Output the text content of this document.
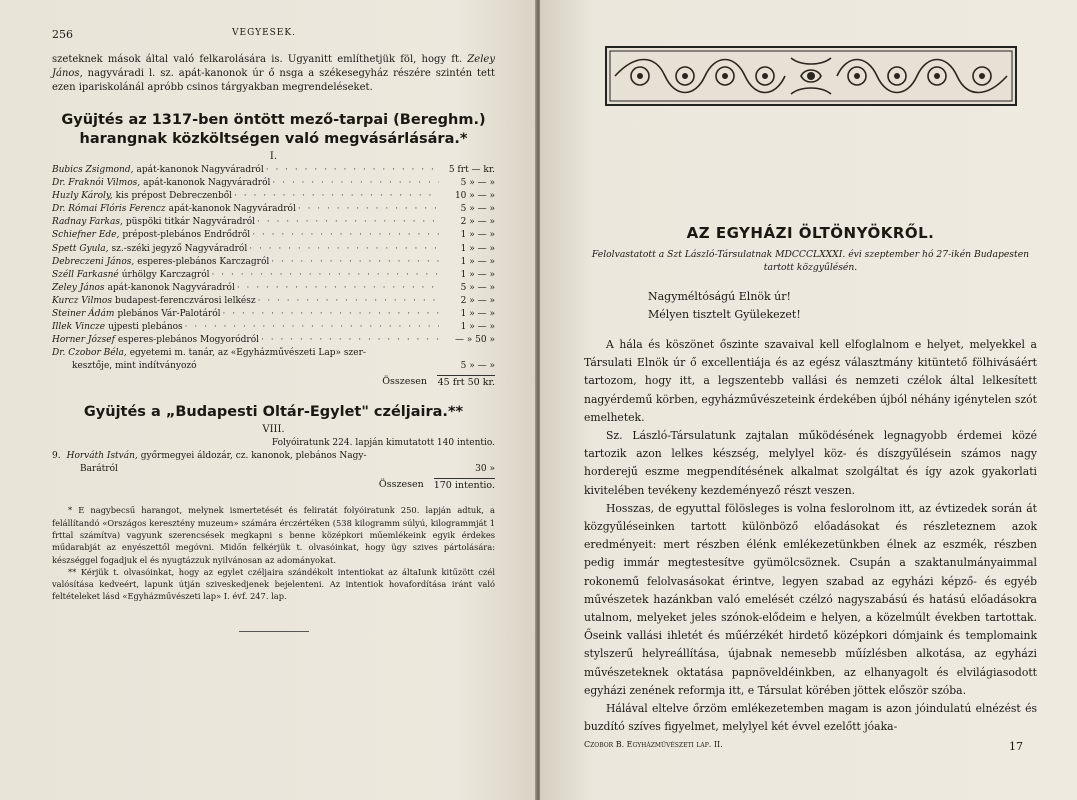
256	VEGYESEK.

szeteknek mások által való felkarolására is. Ugyanitt említhetjük föl, hogy ft. Zeley János, nagyváradi l. sz. apát-kanonok úr ő nsga a székesegyház részére szintén tett ezen ipariskolánál apróbb csinos tárgyakban megrendeléseket.

Gyüjtés az 1317-ben öntött mező-tarpai (Bereghm.) harangnak közköltségen való megvásárlására.*
I.
Bubics Zsigmond, apát-kanonok Nagyváradról · · ·	5 frt — kr.
Dr. Fraknói Vilmos, apát-kanonok Nagyváradról · · ·	5 » — »
Huzly Károly, kis prépost Debreczenből · · ·	10 » — »
Dr. Római Flóris Ferencz apát-kanonok Nagyváradról · · ·	5 » — »
Radnay Farkas, püspöki titkár Nagyváradról · · ·	2 » — »
Schiefner Ede, prépost-plebános Endrődről · · ·	1 » — »
Spett Gyula, sz.-széki jegyző Nagyváradról · · ·	1 » — »
Debreczeni János, esperes-plebános Karczagról · · ·	1 » — »
Széll Farkasné úrhölgy Karczagról · · ·	1 » — »
Zeley János apát-kanonok Nagyváradról · · ·	5 » — »
Kurcz Vilmos budapest-ferenczvárosi lelkész · · ·	2 » — »
Steiner Ádám plebános Vár-Palotáról · · ·	1 » — »
Illek Vincze ujpesti plebános · · ·	1 » — »
Horner József esperes-plebános Mogyoródról · · ·	— » 50 »
Dr. Czobor Béla, egyetemi m. tanár, az «Egyházművészeti Lap» szer-
kesztője, mint indítványozó	5 » — »
Összesen 45 frt 50 kr.
Gyüjtés a „Budapesti Oltár-Egylet" czéljaira.**
VIII.
Folyóiratunk 224. lapján kimutatott 140 intentio.
9. Horváth István, győrmegyei áldozár, cz. kanonok, plebános Nagy-
Barátról	30 »
Összesen 170 intentio.

* E nagybecsű harangot, melynek ismertetését és feliratát folyóiratunk 250. lapján adtuk, a felállítandó «Országos keresztény muzeum» számára érczértéken (538 kilogramm súlyú, kilogrammját 1 frttal számítva) vagyunk szerencsések megkapni s benne középkori műemlékeink egyik érdekes műdarabját az enyészettől megóvni. Midőn felkérjük t. olvasóinkat, hogy ügy szives pártolására: készséggel fogadjuk el és nyugtázzuk nyilvánosan az adományokat.

** Kérjük t. olvasóinkat, hogy az egylet czéljaira szándékolt intentiokat az áltaIunk kitűzött czél valósítása kedveért, lapunk útján sziveskedjenek bejelenteni. Az intentiok hovafordítása iránt való feltételeket lásd «Egyházművészeti lap» I. évf. 247. lap.

AZ EGYHÁZI ÖLTÖNYÖKRŐL.

Felolvastatott a Szt László-Társulatnak MDCCCLXXXI. évi szeptember hó 27-ikén Budapesten tartott közgyűlésén.

Nagyméltóságú Elnök úr!
Mélyen tisztelt Gyülekezet!

A hála és köszönet őszinte szavaival kell elfoglalnom e helyet, melyekkel a Társulati Elnök úr ő excellentiája és az egész választmány kitüntető fölhivásáért tartozom, hogy itt, a legszentebb vallási és nemzeti czélok által lelkesített nagyérdemű körben, egyházművészeteink érdekében újból néhány igénytelen szót emelhetek.

Sz. László-Társulatunk zajtalan működésének legnagyobb érdemei közé tartozik azon lelkes készség, melylyel köz- és díszgyűlésein számos nagy horderejű eszme megpendítésének alkalmat szolgáltat és így azok gyakorlati kivitelében tevékeny kezdeményező részt veszen.

Hosszas, de egyuttal fölösleges is volna feslorolnom itt, az évtizedek során át közgyűléseinken tartott különböző előadásokat és részleteznem azok eredményeit: mert részben élénk emlékezetünkben élnek az eszmék, részben pedig immár megtestesítve gyümölcsöznek. Csupán a szaktanulmányaimmal rokonemű felolvasásokat érintve, legyen szabad az egyházi képző- és egyéb művészetek hazánkban való emelését czélzó nagyszabású és hatású előadásokra utalnom, melyeket jeles szónok-elődeim e helyen, a közelmúlt években tartottak. Őseink vallási ihletét és műérzékét hirdető középkori dómjaink és templomaink stylszerű helyreállítása, újabnak nemesebb műízlésben alkotása, az egyházi művészeteknek oktatása papnöveldéinkben, az elhanyagolt és elvilágiasodott egyházi zenének reformja itt, e Társulat körében jöttek először szóba.

Hálával eltelve őrzöm emlékezetemben magam is azon jóindulatú elnézést és buzdító szíves figyelmet, melylyel két évvel ezelőtt jóaka-

Czobor B. Egyházművészeti lap. II.	17
